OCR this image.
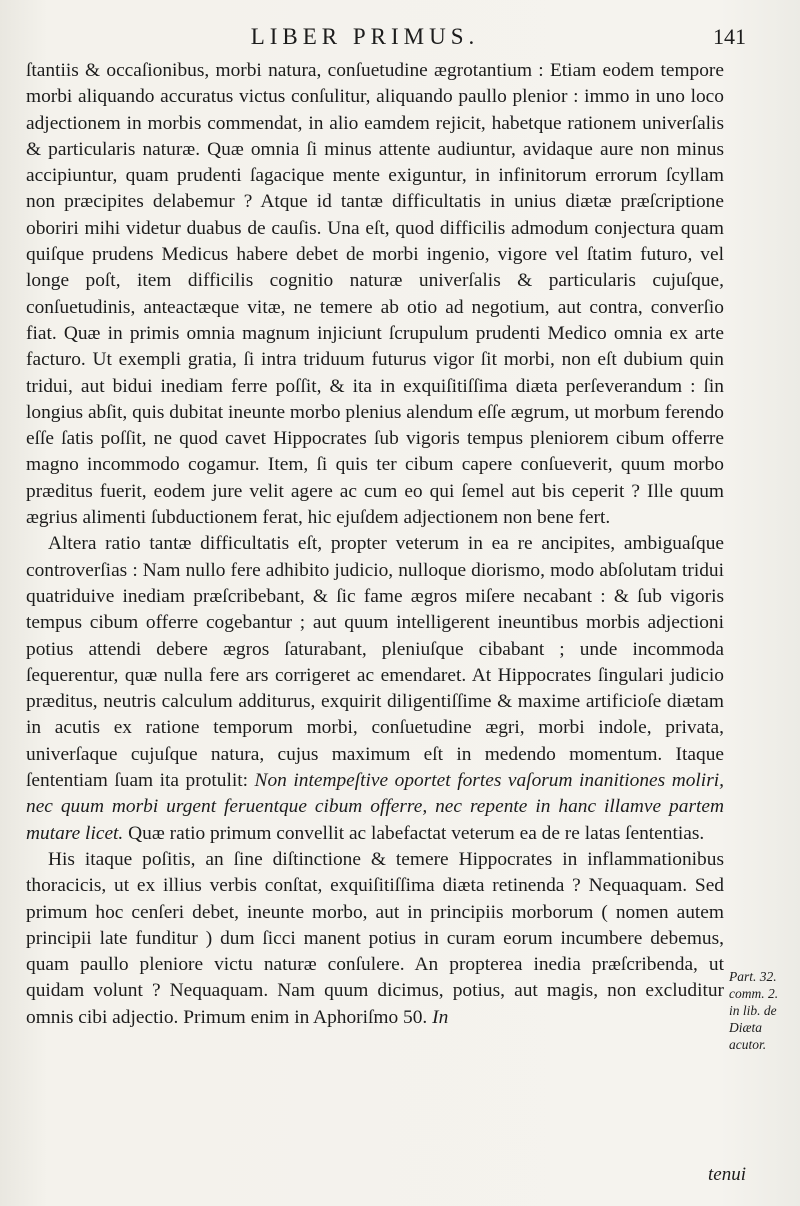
LIBER PRIMUS.	141

ſtantiis & occaſionibus, morbi natura, conſuetudine ægrotantium : Etiam eodem tempore morbi aliquando accuratus victus conſulitur, aliquando paullo plenior : immo in uno loco adjectionem in morbis commendat, in alio eamdem rejicit, habetque rationem univerſalis & particularis naturæ. Quæ omnia ſi minus attente audiuntur, avidaque aure non minus accipiuntur, quam prudenti ſagacique mente exiguntur, in infinitorum errorum ſcyllam non præcipites delabemur ? Atque id tantæ difficultatis in unius diætæ præſcriptione oboriri mihi videtur duabus de cauſis. Una eſt, quod difficilis admodum conjectura quam quiſque prudens Medicus habere debet de morbi ingenio, vigore vel ſtatim futuro, vel longe poſt, item difficilis cognitio naturæ univerſalis & particularis cujuſque, conſuetudinis, anteactæque vitæ, ne temere ab otio ad negotium, aut contra, converſio fiat. Quæ in primis omnia magnum injiciunt ſcrupulum prudenti Medico omnia ex arte facturo. Ut exempli gratia, ſi intra triduum futurus vigor ſit morbi, non eſt dubium quin tridui, aut bidui inediam ferre poſſit, & ita in exquiſitiſſima diæta perſeverandum : ſin longius abſit, quis dubitat ineunte morbo plenius alendum eſſe ægrum, ut morbum ferendo eſſe ſatis poſſit, ne quod cavet Hippocrates ſub vigoris tempus pleniorem cibum offerre magno incommodo cogamur. Item, ſi quis ter cibum capere conſueverit, quum morbo præditus fuerit, eodem jure velit agere ac cum eo qui ſemel aut bis ceperit ? Ille quum ægrius alimenti ſubductionem ferat, hic ejuſdem adjectionem non bene fert.

Altera ratio tantæ difficultatis eſt, propter veterum in ea re ancipites, ambiguaſque controverſias : Nam nullo fere adhibito judicio, nulloque diorismo, modo abſolutam tridui quatriduive inediam præſcribebant, & ſic fame ægros miſere necabant : & ſub vigoris tempus cibum offerre cogebantur ; aut quum intelligerent ineuntibus morbis adjectioni potius attendi debere ægros ſaturabant, pleniuſque cibabant ; unde incommoda ſequerentur, quæ nulla fere ars corrigeret ac emendaret. At Hippocrates ſingulari judicio præditus, neutris calculum additurus, exquirit diligentiſſime & maxime artificioſe diætam in acutis ex ratione temporum morbi, conſuetudine ægri, morbi indole, privata, univerſaque cujuſque natura, cujus maximum eſt in medendo momentum. Itaque ſententiam ſuam ita protulit: Non intempeſtive oportet fortes vaſorum inanitiones moliri, nec quum morbi urgent feruentque cibum offerre, nec repente in hanc illamve partem mutare licet. Quæ ratio primum convellit ac labefactat veterum ea de re latas ſententias.

His itaque poſitis, an ſine diſtinctione & temere Hippocrates in inflammationibus thoracicis, ut ex illius verbis conſtat, exquiſitiſſima diæta retinenda ? Nequaquam. Sed primum hoc cenſeri debet, ineunte morbo, aut in principiis morborum ( nomen autem principii late funditur ) dum ſicci manent potius in curam eorum incumbere debemus, quam paullo pleniore victu naturæ conſulere. An propterea inedia præſcribenda, ut quidam volunt ? Nequaquam. Nam quum dicimus, potius, aut magis, non excluditur omnis cibi adjectio. Primum enim in Aphoriſmo 50. In

Part. 32.
comm. 2.
in lib. de
Diæta
acutor.
tenui
